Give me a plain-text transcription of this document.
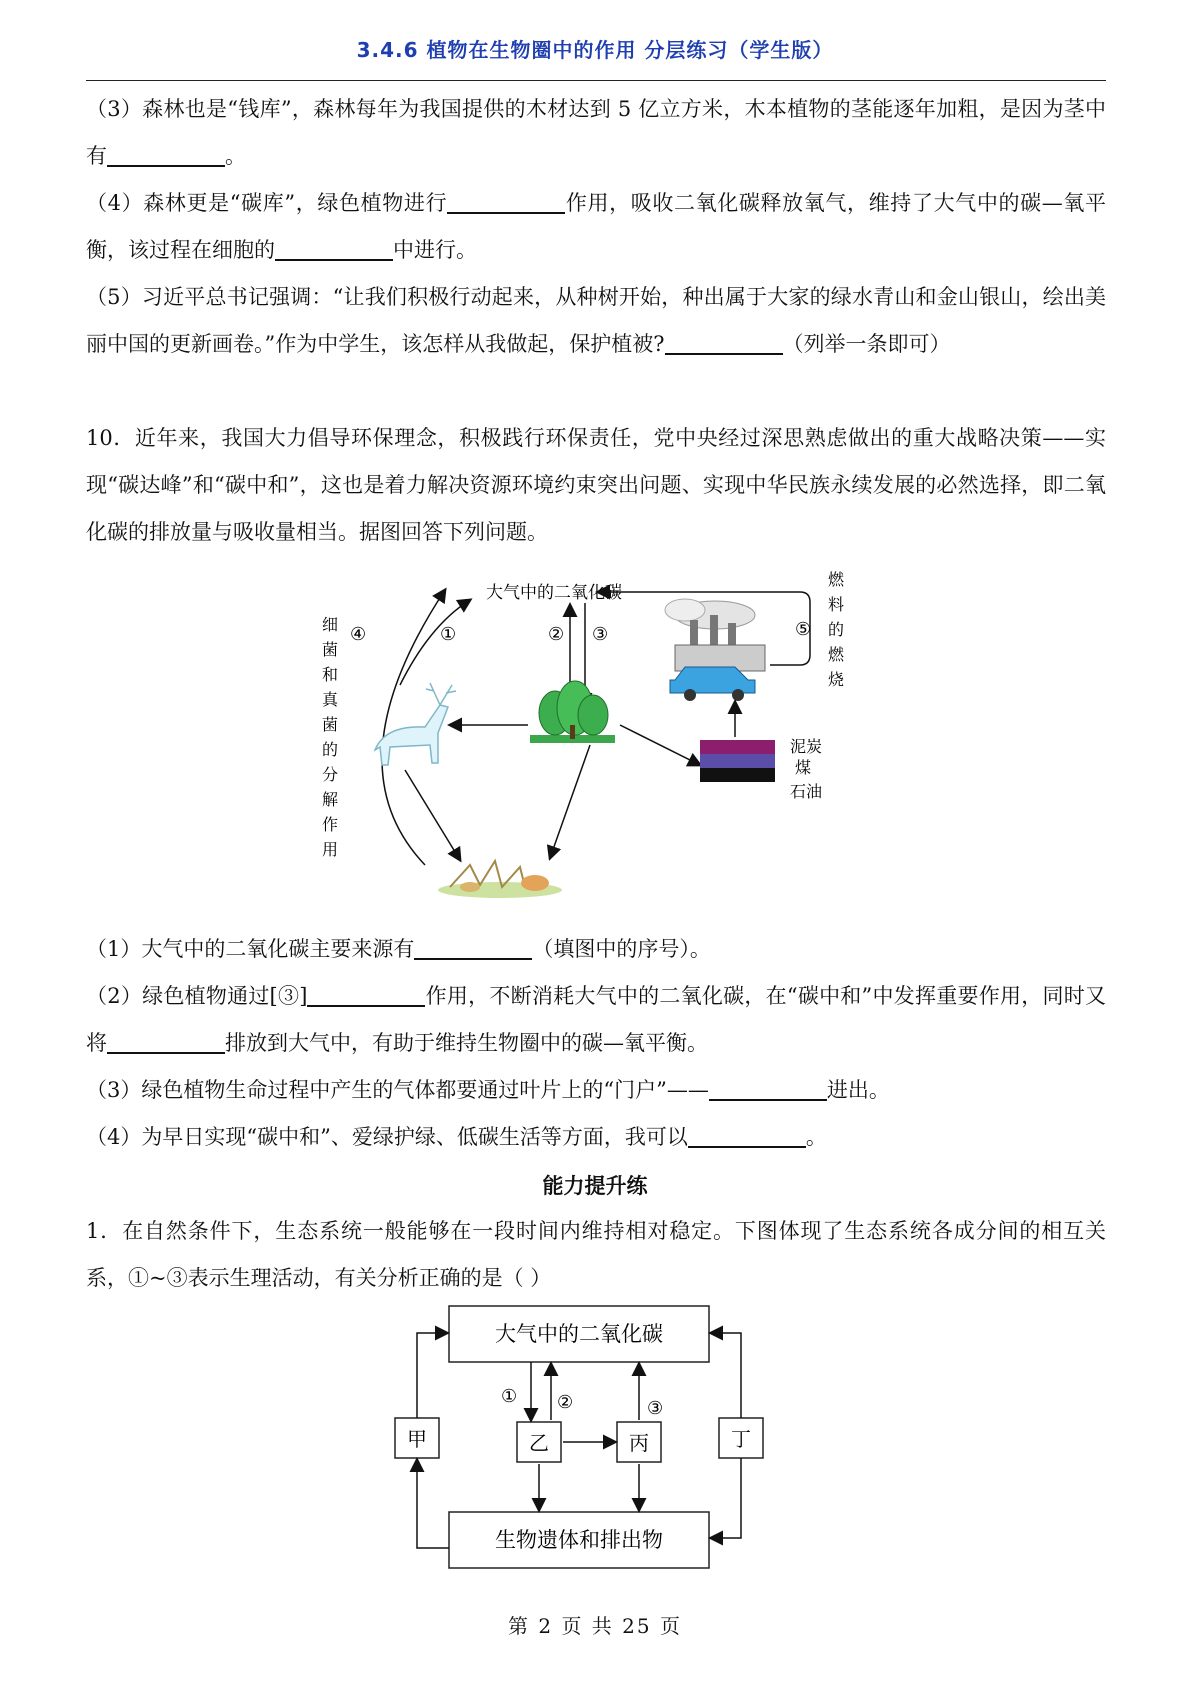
3.4.6 植物在生物圈中的作用 分层练习（学生版）
（3）森林也是“钱库”，森林每年为我国提供的木材达到 5 亿立方米，木本植物的茎能逐年加粗，是因为茎中有	。
（4）森林更是“碳库”，绿色植物进行	作用，吸收二氧化碳释放氧气，维持了大气中的碳—氧平衡，该过程在细胞的	中进行。
（5）习近平总书记强调：“让我们积极行动起来，从种树开始，种出属于大家的绿水青山和金山银山，绘出美丽中国的更新画卷。”作为中学生，该怎样从我做起，保护植被?	（列举一条即可）
10．近年来，我国大力倡导环保理念，积极践行环保责任，党中央经过深思熟虑做出的重大战略决策——实现“碳达峰”和“碳中和”，这也是着力解决资源环境约束突出问题、实现中华民族永续发展的必然选择，即二氧化碳的排放量与吸收量相当。据图回答下列问题。
大气中的二氧化碳
④	①	② ③	⑤
细
菌
和
真
菌
的
分
解
作
用
燃
料
的
燃
烧
泥炭
煤
石油
（1）大气中的二氧化碳主要来源有	（填图中的序号）。
（2）绿色植物通过[③]	作用，不断消耗大气中的二氧化碳，在“碳中和”中发挥重要作用，同时又将	排放到大气中，有助于维持生物圈中的碳—氧平衡。
（3）绿色植物生命过程中产生的气体都要通过叶片上的“门户”——	进出。
（4）为早日实现“碳中和”、爱绿护绿、低碳生活等方面，我可以	。
能力提升练
1．在自然条件下，生态系统一般能够在一段时间内维持相对稳定。下图体现了生态系统各成分间的相互关系，①~③表示生理活动，有关分析正确的是（ ）
大气中的二氧化碳
生物遗体和排出物
甲	乙	丙	丁
① ②	③
第 2 页 共 25 页
